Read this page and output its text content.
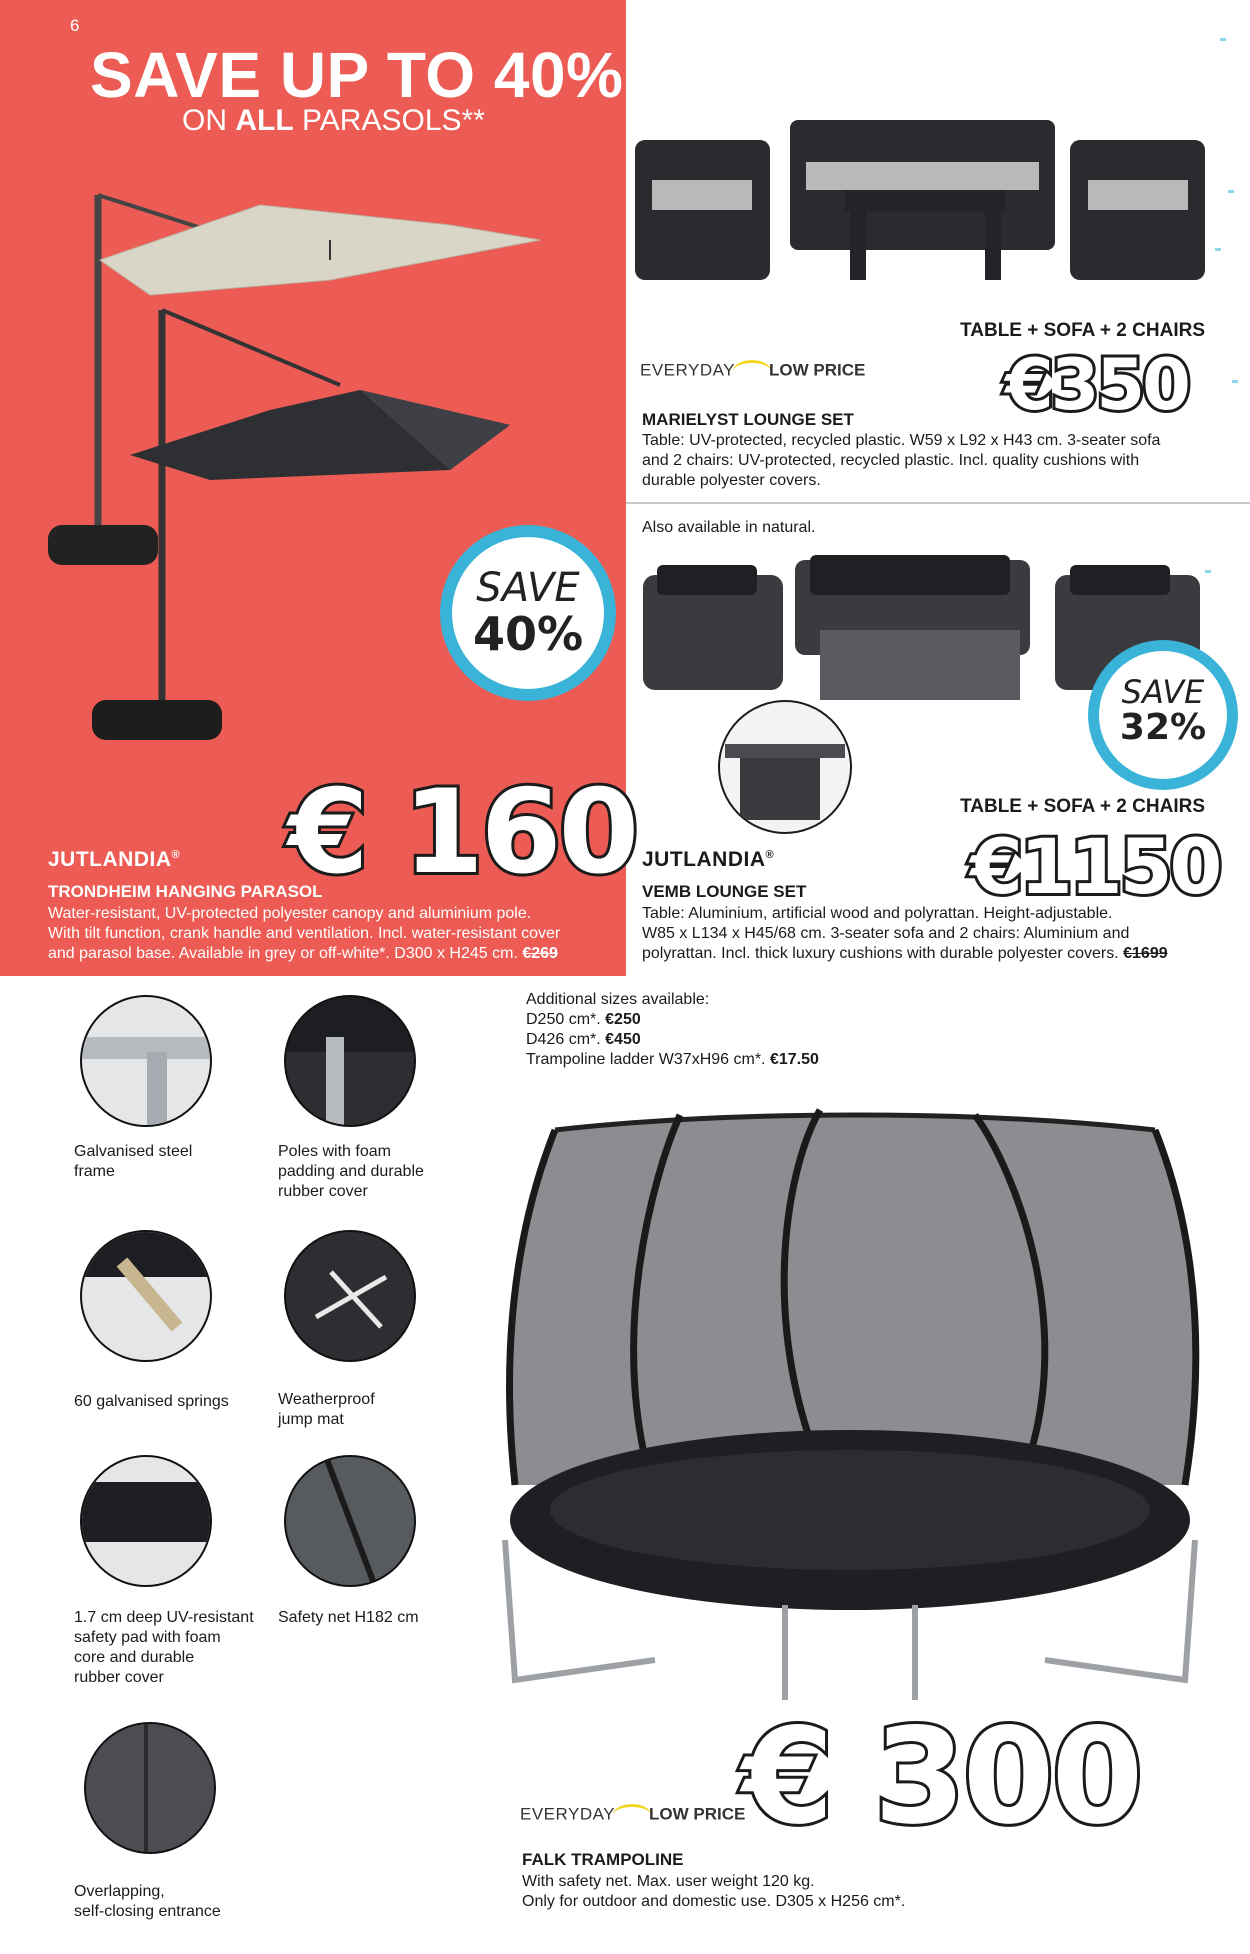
6
SAVE UP TO 40%
ON ALL PARASOLS**
SAVE
40%
€ 160
JUTLANDIA®
TRONDHEIM HANGING PARASOL
Water-resistant, UV-protected polyester canopy and aluminium pole.
With tilt function, crank handle and ventilation. Incl. water-resistant cover
and parasol base. Available in grey or off-white*. D300 x H245 cm. €269
TABLE + SOFA + 2 CHAIRS
EVERYDAY LOW PRICE €350
MARIELYST LOUNGE SET
Table: UV-protected, recycled plastic. W59 x L92 x H43 cm. 3-seater sofa
and 2 chairs: UV-protected, recycled plastic. Incl. quality cushions with
durable polyester covers.
Also available in natural.
SAVE
32%
TABLE + SOFA + 2 CHAIRS
€1150
JUTLANDIA®
VEMB LOUNGE SET
Table: Aluminium, artificial wood and polyrattan. Height-adjustable.
W85 x L134 x H45/68 cm. 3-seater sofa and 2 chairs: Aluminium and
polyrattan. Incl. thick luxury cushions with durable polyester covers. €1699
Additional sizes available:
D250 cm*. €250
D426 cm*. €450
Trampoline ladder W37xH96 cm*. €17.50
Galvanised steel
frame
Poles with foam
padding and durable
rubber cover
60 galvanised springs	Weatherproof
jump mat
1.7 cm deep UV-resistant
safety pad with foam
core and durable
rubber cover
Safety net H182 cm
Overlapping,
self-closing entrance
€ 300
EVERYDAY LOW PRICE
FALK TRAMPOLINE
With safety net. Max. user weight 120 kg.
Only for outdoor and domestic use. D305 x H256 cm*.
